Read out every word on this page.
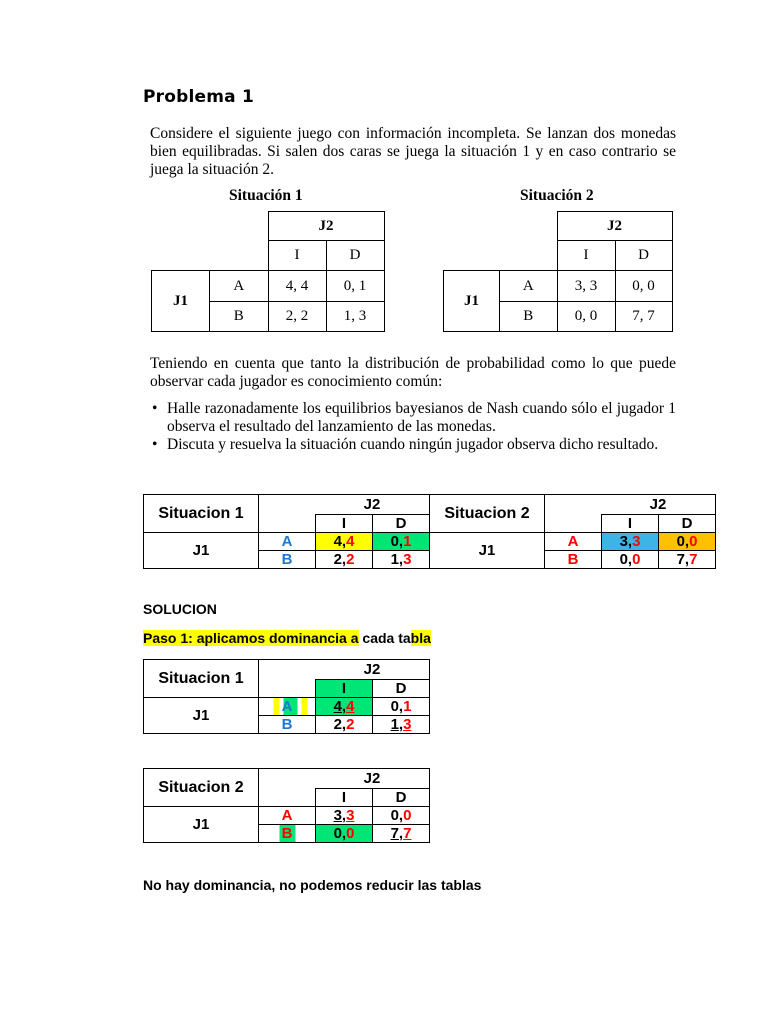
Problema 1
Considere el siguiente juego con información incompleta. Se lanzan dos monedas bien equilibradas. Si salen dos caras se juega la situación 1 y en caso contrario se juega la situación 2.
Situación 1
		J2	
		I	D
J1	A	4, 4	0, 1
	B	2, 2	1, 3
Situación 2
		J2	
		I	D
J1	A	3, 3	0, 0
	B	0, 0	7, 7
Teniendo en cuenta que tanto la distribución de probabilidad como lo que puede observar cada jugador es conocimiento común:
• Halle razonadamente los equilibrios bayesianos de Nash cuando sólo el jugador 1 observa el resultado del lanzamiento de las monedas.
• Discuta y resuelva la situación cuando ningún jugador observa dicho resultado.
Situacion 1	J2		
		I	D
J1	A	4,4	0,1
	B	2,2	1,3
Situacion 2	J2		
		I	D
J1	A	3,3	0,0
	B	0,0	7,7
SOLUCION
Paso 1: aplicamos dominancia a cada tabla
Situacion 1	J2		
		I	D
J1	A	4,4	0,1
	B	2,2	1,3
Situacion 2	J2		
		I	D
J1	A	3,3	0,0
	B	0,0	7,7
No hay dominancia, no podemos reducir las tablas
